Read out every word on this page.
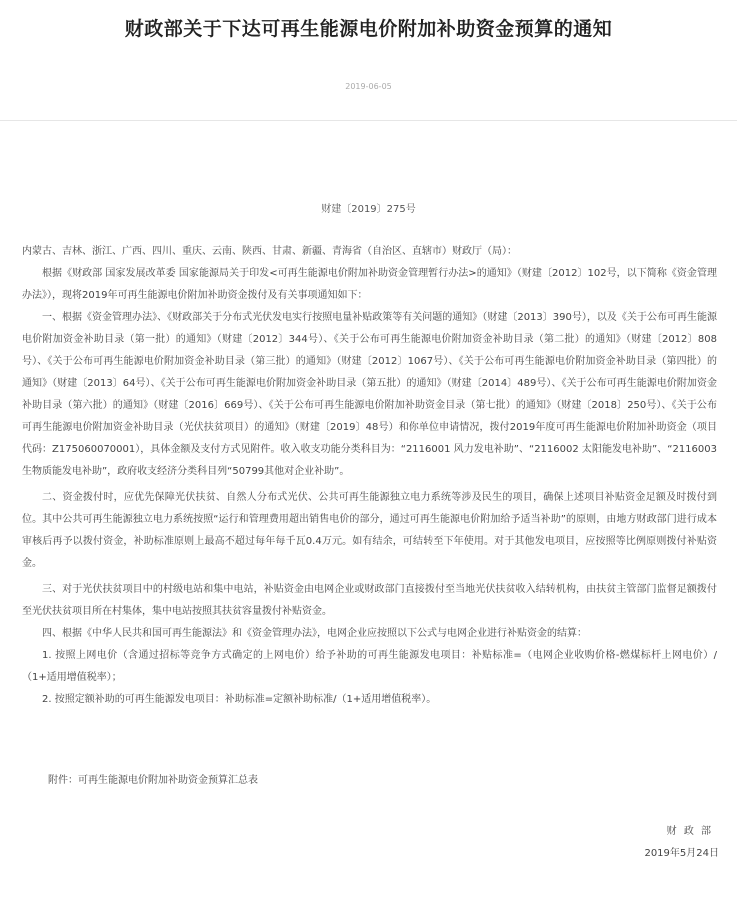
财政部关于下达可再生能源电价附加补助资金预算的通知
2019-06-05
财建〔2019〕275号

内蒙古、吉林、浙江、广西、四川、重庆、云南、陕西、甘肃、新疆、青海省（自治区、直辖市）财政厅（局）：

根据《财政部 国家发展改革委 国家能源局关于印发<可再生能源电价附加补助资金管理暂行办法>的通知》（财建〔2012〕102号，以下简称《资金管理办法》），现将2019年可再生能源电价附加补助资金拨付及有关事项通知如下：

一、根据《资金管理办法》、《财政部关于分布式光伏发电实行按照电量补贴政策等有关问题的通知》（财建〔2013〕390号），以及《关于公布可再生能源电价附加资金补助目录（第一批）的通知》（财建〔2012〕344号）、《关于公布可再生能源电价附加资金补助目录（第二批）的通知》（财建〔2012〕808号）、《关于公布可再生能源电价附加资金补助目录（第三批）的通知》（财建〔2012〕1067号）、《关于公布可再生能源电价附加资金补助目录（第四批）的通知》（财建〔2013〕64号）、《关于公布可再生能源电价附加资金补助目录（第五批）的通知》（财建〔2014〕489号）、《关于公布可再生能源电价附加资金补助目录（第六批）的通知》（财建〔2016〕669号）、《关于公布可再生能源电价附加补助资金目录（第七批）的通知》（财建〔2018〕250号）、《关于公布可再生能源电价附加资金补助目录（光伏扶贫项目）的通知》（财建〔2019〕48号）和你单位申请情况，拨付2019年度可再生能源电价附加补助资金（项目代码：Z175060070001），具体金额及支付方式见附件。收入收支功能分类科目为：“2116001 风力发电补助”、“2116002 太阳能发电补助”、“2116003 生物质能发电补助”，政府收支经济分类科目列“50799其他对企业补助”。

二、资金拨付时，应优先保障光伏扶贫、自然人分布式光伏、公共可再生能源独立电力系统等涉及民生的项目，确保上述项目补贴资金足额及时拨付到位。其中公共可再生能源独立电力系统按照“运行和管理费用超出销售电价的部分，通过可再生能源电价附加给予适当补助”的原则，由地方财政部门进行成本审核后再予以拨付资金，补助标准原则上最高不超过每年每千瓦0.4万元。如有结余，可结转至下年使用。对于其他发电项目，应按照等比例原则拨付补贴资金。

三、对于光伏扶贫项目中的村级电站和集中电站，补贴资金由电网企业或财政部门直接拨付至当地光伏扶贫收入结转机构，由扶贫主管部门监督足额拨付至光伏扶贫项目所在村集体，集中电站按照其扶贫容量拨付补贴资金。

四、根据《中华人民共和国可再生能源法》和《资金管理办法》，电网企业应按照以下公式与电网企业进行补贴资金的结算：

1. 按照上网电价（含通过招标等竞争方式确定的上网电价）给予补助的可再生能源发电项目：补贴标准=（电网企业收购价格-燃煤标杆上网电价）/（1+适用增值税率）；

2. 按照定额补助的可再生能源发电项目：补助标准=定额补助标准/（1+适用增值税率）。

附件：可再生能源电价附加补助资金预算汇总表
财 政 部
2019年5月24日
